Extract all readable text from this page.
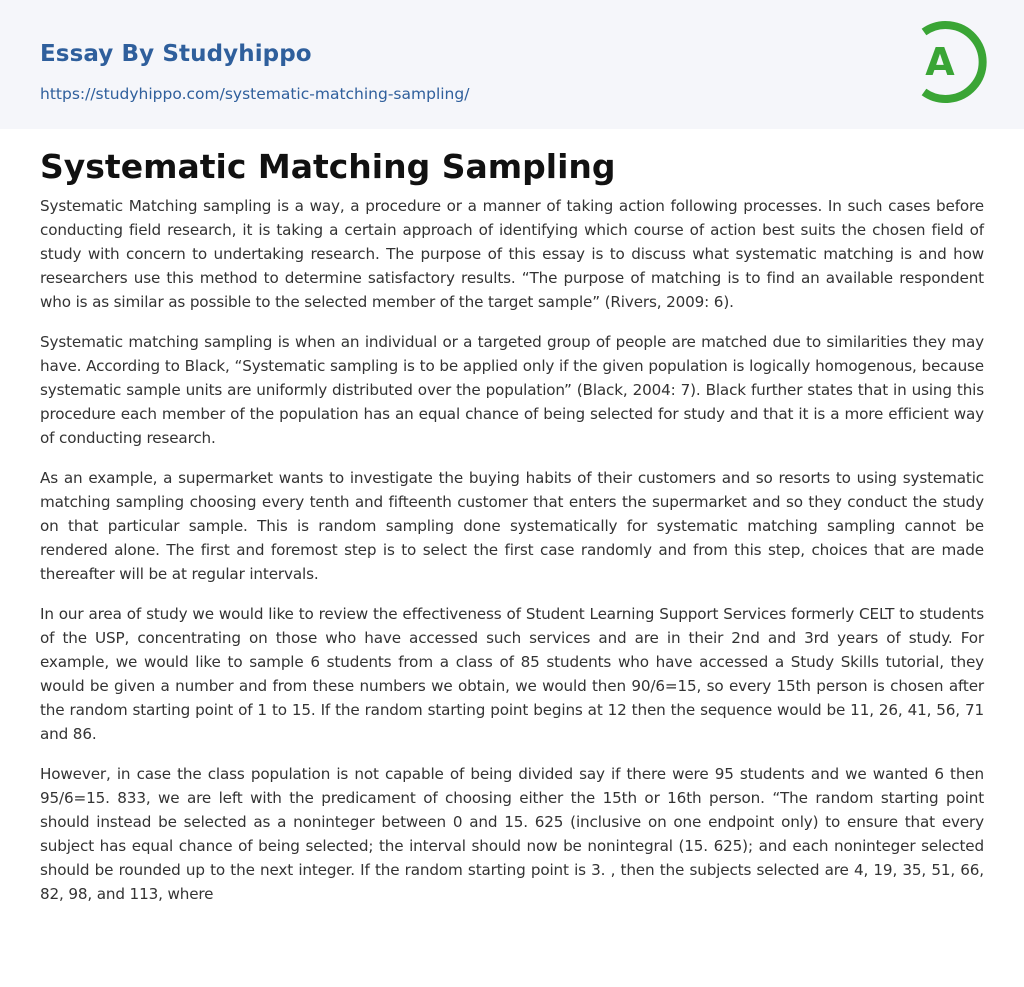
Essay By Studyhippo
https://studyhippo.com/systematic-matching-sampling/
A
Systematic Matching Sampling

Systematic Matching sampling is a way, a procedure or a manner of taking action following processes. In such cases before conducting field research, it is taking a certain approach of identifying which course of action best suits the chosen field of study with concern to undertaking research. The purpose of this essay is to discuss what systematic matching is and how researchers use this method to determine satisfactory results. “The purpose of matching is to find an available respondent who is as similar as possible to the selected member of the target sample” (Rivers, 2009: 6).

Systematic matching sampling is when an individual or a targeted group of people are matched due to similarities they may have. According to Black, “Systematic sampling is to be applied only if the given population is logically homogenous, because systematic sample units are uniformly distributed over the population” (Black, 2004: 7). Black further states that in using this procedure each member of the population has an equal chance of being selected for study and that it is a more efficient way of conducting research.

As an example, a supermarket wants to investigate the buying habits of their customers and so resorts to using systematic matching sampling choosing every tenth and fifteenth customer that enters the supermarket and so they conduct the study on that particular sample. This is random sampling done systematically for systematic matching sampling cannot be rendered alone. The first and foremost step is to select the first case randomly and from this step, choices that are made thereafter will be at regular intervals.

In our area of study we would like to review the effectiveness of Student Learning Support Services formerly CELT to students of the USP, concentrating on those who have accessed such services and are in their 2nd and 3rd years of study. For example, we would like to sample 6 students from a class of 85 students who have accessed a Study Skills tutorial, they would be given a number and from these numbers we obtain, we would then 90/6=15, so every 15th person is chosen after the random starting point of 1 to 15. If the random starting point begins at 12 then the sequence would be 11, 26, 41, 56, 71 and 86.

However, in case the class population is not capable of being divided say if there were 95 students and we wanted 6 then 95/6=15. 833, we are left with the predicament of choosing either the 15th or 16th person. “The random starting point should instead be selected as a noninteger between 0 and 15. 625 (inclusive on one endpoint only) to ensure that every subject has equal chance of being selected; the interval should now be nonintegral (15. 625); and each noninteger selected should be rounded up to the next integer. If the random starting point is 3. , then the subjects selected are 4, 19, 35, 51, 66, 82, 98, and 113, where
